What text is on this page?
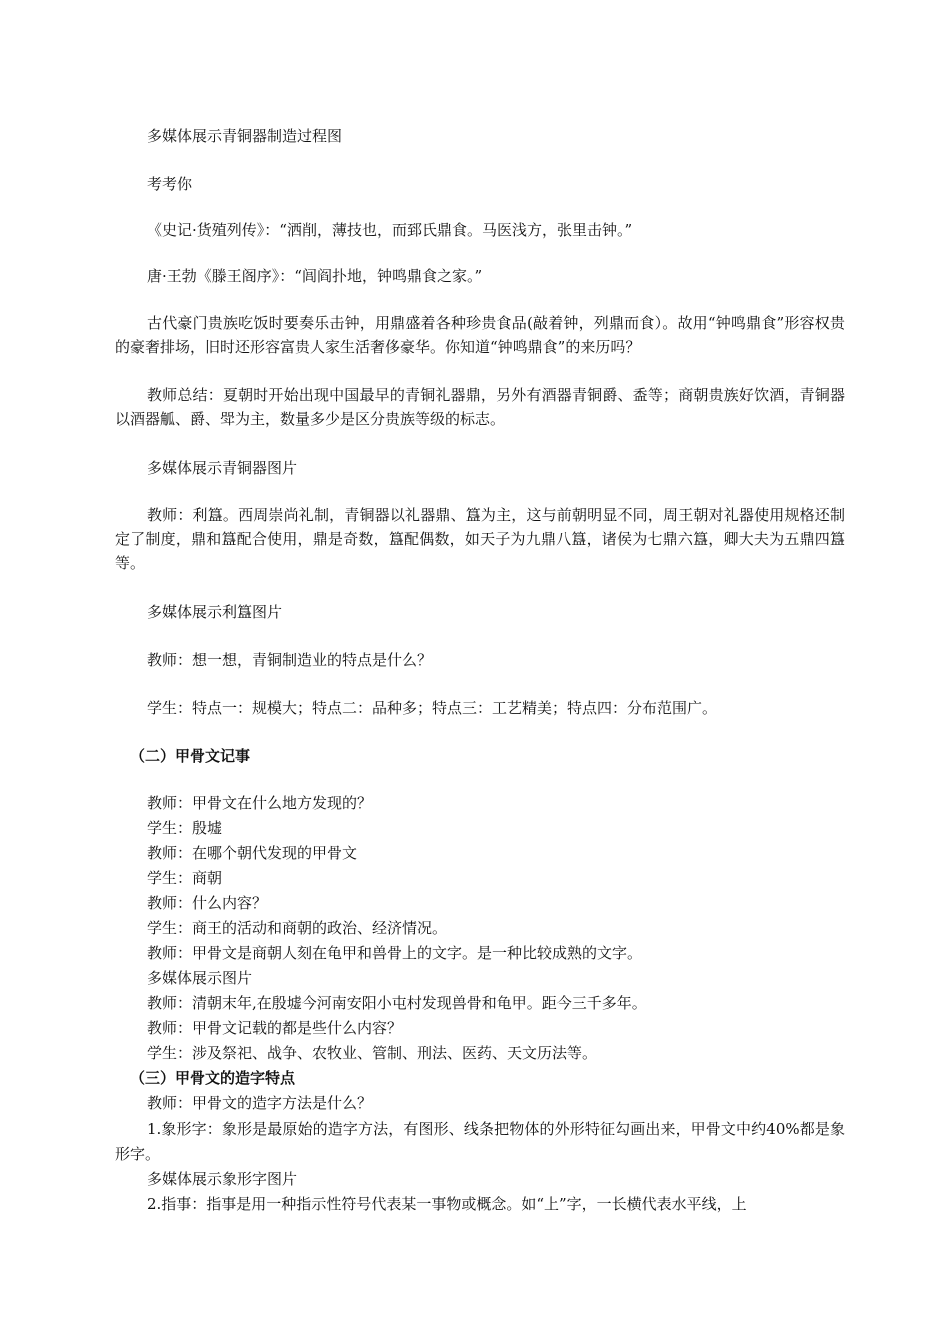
多媒体展示青铜器制造过程图

考考你

《史记·货殖列传》：“洒削，薄技也，而郅氏鼎食。马医浅方，张里击钟。”

唐·王勃《滕王阁序》：“闾阎扑地，钟鸣鼎食之家。”

古代豪门贵族吃饭时要奏乐击钟，用鼎盛着各种珍贵食品(敲着钟，列鼎而食）。故用“钟鸣鼎食”形容权贵的豪奢排场，旧时还形容富贵人家生活奢侈豪华。你知道“钟鸣鼎食”的来历吗？

教师总结：夏朝时开始出现中国最早的青铜礼器鼎，另外有酒器青铜爵、盉等；商朝贵族好饮酒，青铜器以酒器觚、爵、斝为主，数量多少是区分贵族等级的标志。

多媒体展示青铜器图片

教师：利簋。西周崇尚礼制，青铜器以礼器鼎、簋为主，这与前朝明显不同，周王朝对礼器使用规格还制定了制度，鼎和簋配合使用，鼎是奇数，簋配偶数，如天子为九鼎八簋，诸侯为七鼎六簋，卿大夫为五鼎四簋等。

多媒体展示利簋图片

教师：想一想，青铜制造业的特点是什么？

学生：特点一：规模大；特点二：品种多；特点三：工艺精美；特点四：分布范围广。

（二）甲骨文记事

教师：甲骨文在什么地方发现的？

学生：殷墟

教师：在哪个朝代发现的甲骨文

学生：商朝

教师：什么内容？

学生：商王的活动和商朝的政治、经济情况。

教师：甲骨文是商朝人刻在龟甲和兽骨上的文字。是一种比较成熟的文字。

多媒体展示图片

教师：清朝末年,在殷墟今河南安阳小屯村发现兽骨和龟甲。距今三千多年。

教师：甲骨文记载的都是些什么内容？

学生：涉及祭祀、战争、农牧业、管制、刑法、医药、天文历法等。

（三）甲骨文的造字特点

教师：甲骨文的造字方法是什么？

1.象形字：象形是最原始的造字方法，有图形、线条把物体的外形特征勾画出来，甲骨文中约40%都是象形字。

多媒体展示象形字图片

2.指事：指事是用一种指示性符号代表某一事物或概念。如“上”字，一长横代表水平线，上
